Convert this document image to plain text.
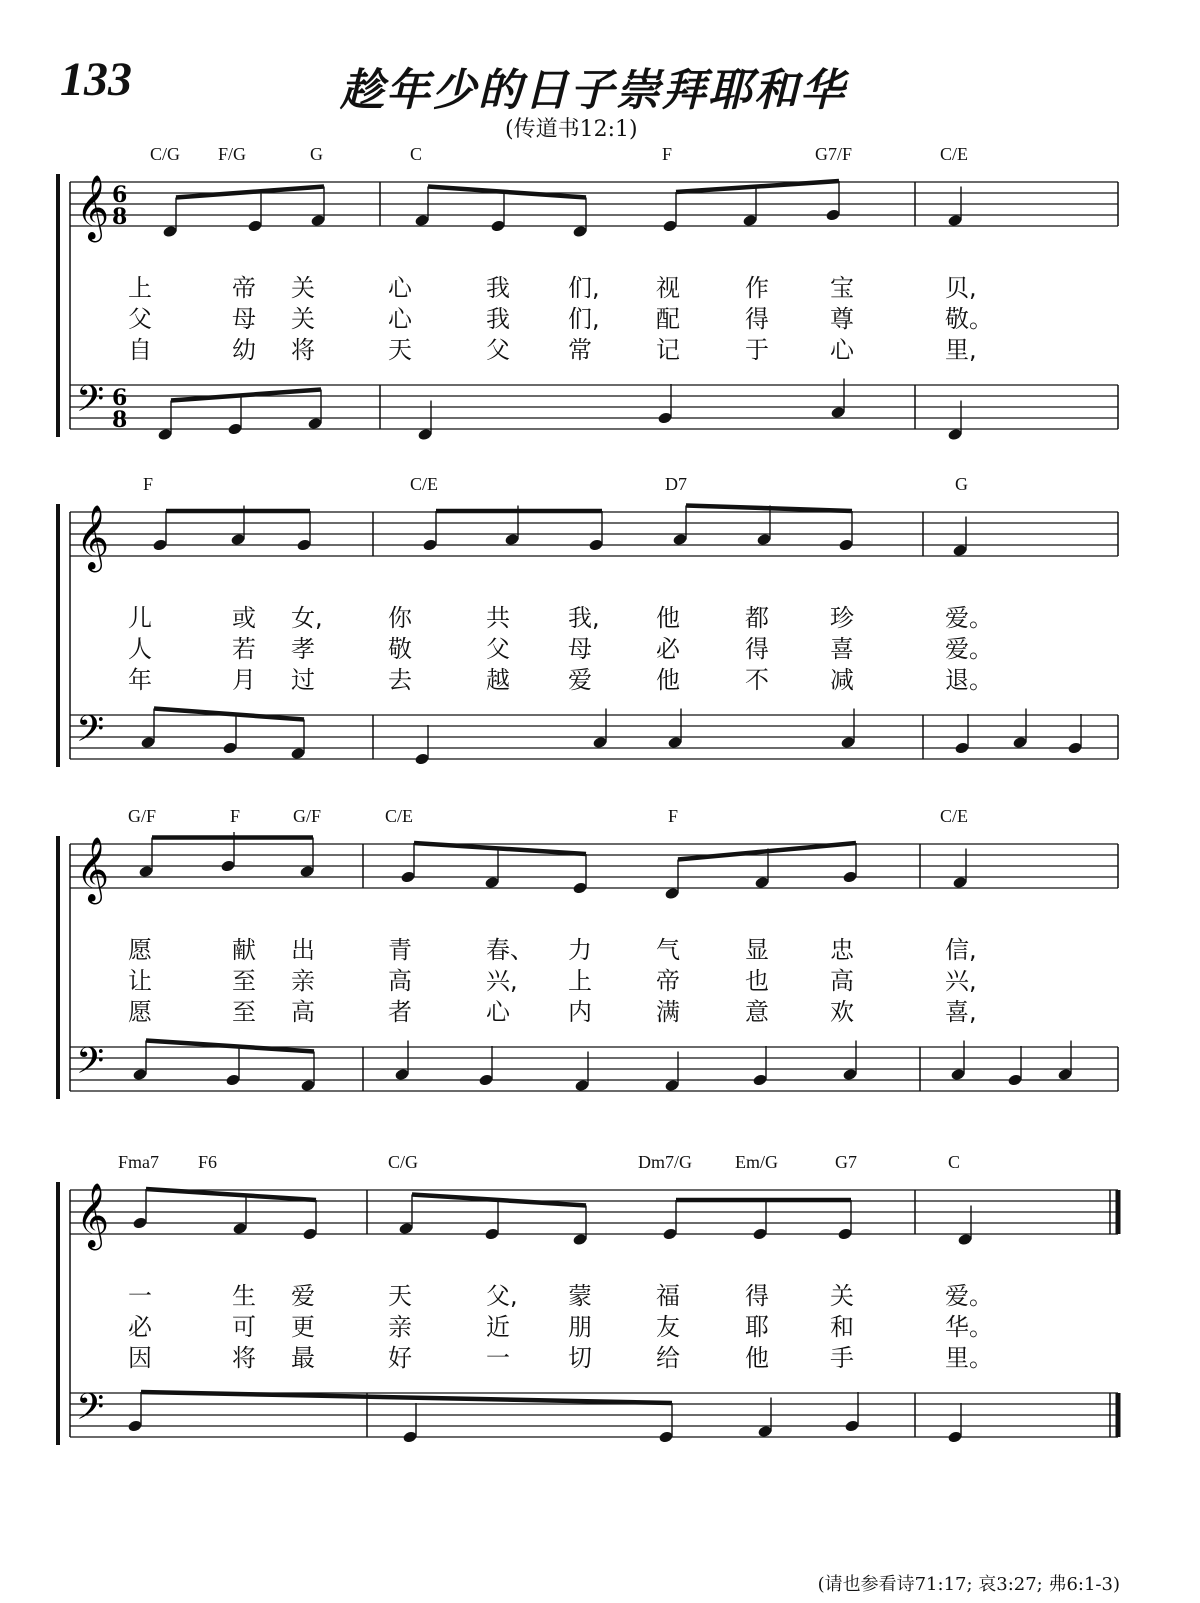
133	趁年少的日子崇拜耶和华
(传道书12:1)
C/G F/G	G	C	F	G7/F	C/E
𝄞
𝄢
6
8
6
8
上	帝 关	心	我 们, 视	作	宝	贝,
父	母 关	心	我 们, 配	得	尊	敬。
自	幼 将	天	父 常	记	于	心	里,
F	C/E	D7	G
𝄞
𝄢
儿	或 女,	你	共 我, 他	都	珍	爱。
人	若 孝	敬	父 母	必	得	喜	爱。
年	月 过	去	越 爱	他	不	减	退。
G/F	F	G/F	C/E	F	C/E
𝄞
𝄢
愿	献 出	青	春、 力	气	显	忠	信,
让	至 亲	高	兴, 上	帝	也	高	兴,
愿	至 高	者	心 内	满	意	欢	喜,
Fma7 F6	C/G	Dm7/G Em/G	G7	C
𝄞
𝄢
一	生 爱	天	父, 蒙	福	得	关	爱。
必	可 更	亲	近 朋	友	耶	和	华。
因	将 最	好	一 切	给	他	手	里。
(请也参看诗71:17; 哀3:27; 弗6:1-3)
